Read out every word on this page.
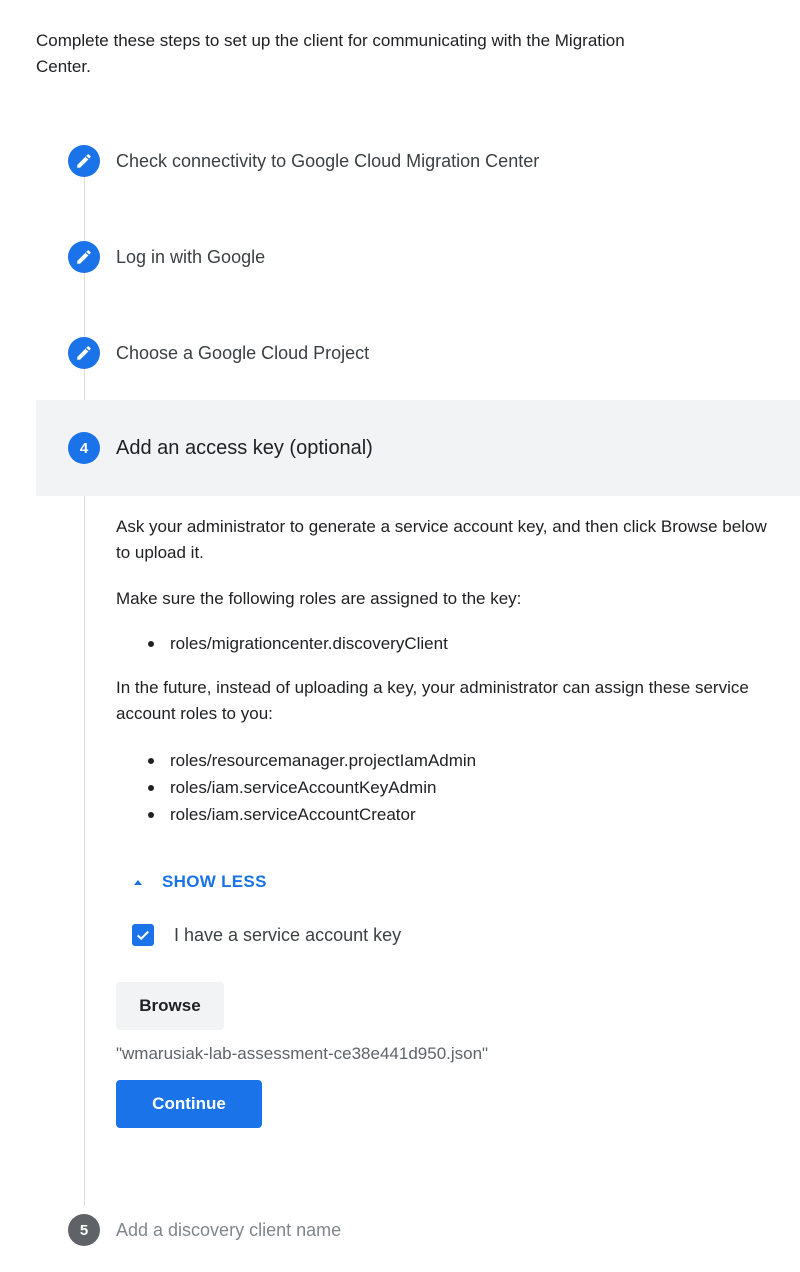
Complete these steps to set up the client for communicating with the Migration Center.
Check connectivity to Google Cloud Migration Center
Log in with Google
Choose a Google Cloud Project
4	Add an access key (optional)

Ask your administrator to generate a service account key, and then click Browse below to upload it.

Make sure the following roles are assigned to the key:

roles/migrationcenter.discoveryClient

In the future, instead of uploading a key, your administrator can assign these service account roles to you:

roles/resourcemanager.projectIamAdmin
roles/iam.serviceAccountKeyAdmin
roles/iam.serviceAccountCreator
SHOW LESS
I have a service account key
Browse
"wmarusiak-lab-assessment-ce38e441d950.json"
Continue
5	Add a discovery client name
